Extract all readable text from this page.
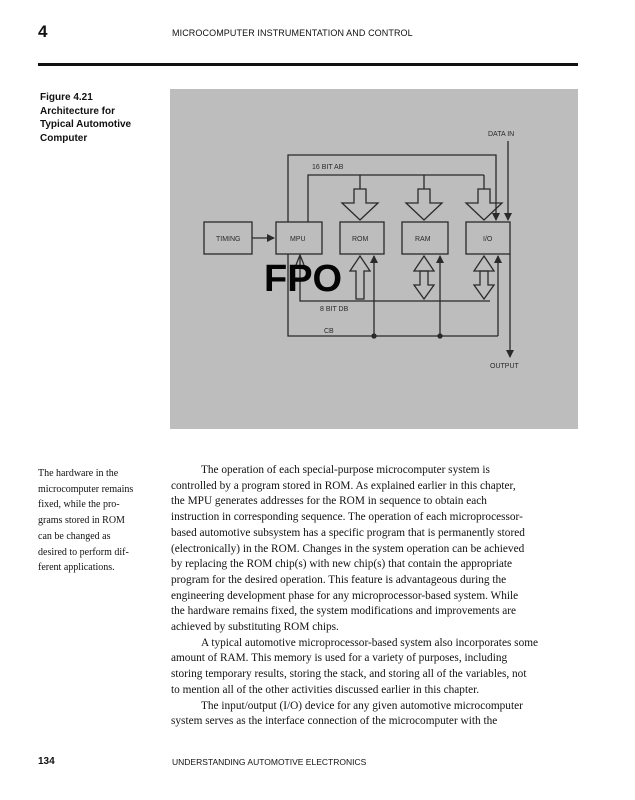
4	MICROCOMPUTER INSTRUMENTATION AND CONTROL
Figure 4.21
Architecture for
Typical Automotive
Computer
TIMING	MPU	ROM	RAM	I/O
16 BIT AB
8 BIT DB
CB
DATA IN
OUTPUT
FPO
The hardware in the
microcomputer remains
fixed, while the pro-
grams stored in ROM
can be changed as
desired to perform dif-
ferent applications.
The operation of each special-purpose microcomputer system is
controlled by a program stored in ROM. As explained earlier in this chapter,
the MPU generates addresses for the ROM in sequence to obtain each
instruction in corresponding sequence. The operation of each microprocessor-
based automotive subsystem has a specific program that is permanently stored
(electronically) in the ROM. Changes in the system operation can be achieved
by replacing the ROM chip(s) with new chip(s) that contain the appropriate
program for the desired operation. This feature is advantageous during the
engineering development phase for any microprocessor-based system. While
the hardware remains fixed, the system modifications and improvements are
achieved by substituting ROM chips.
A typical automotive microprocessor-based system also incorporates some
amount of RAM. This memory is used for a variety of purposes, including
storing temporary results, storing the stack, and storing all of the variables, not
to mention all of the other activities discussed earlier in this chapter.
The input/output (I/O) device for any given automotive microcomputer
system serves as the interface connection of the microcomputer with the
134	UNDERSTANDING AUTOMOTIVE ELECTRONICS
